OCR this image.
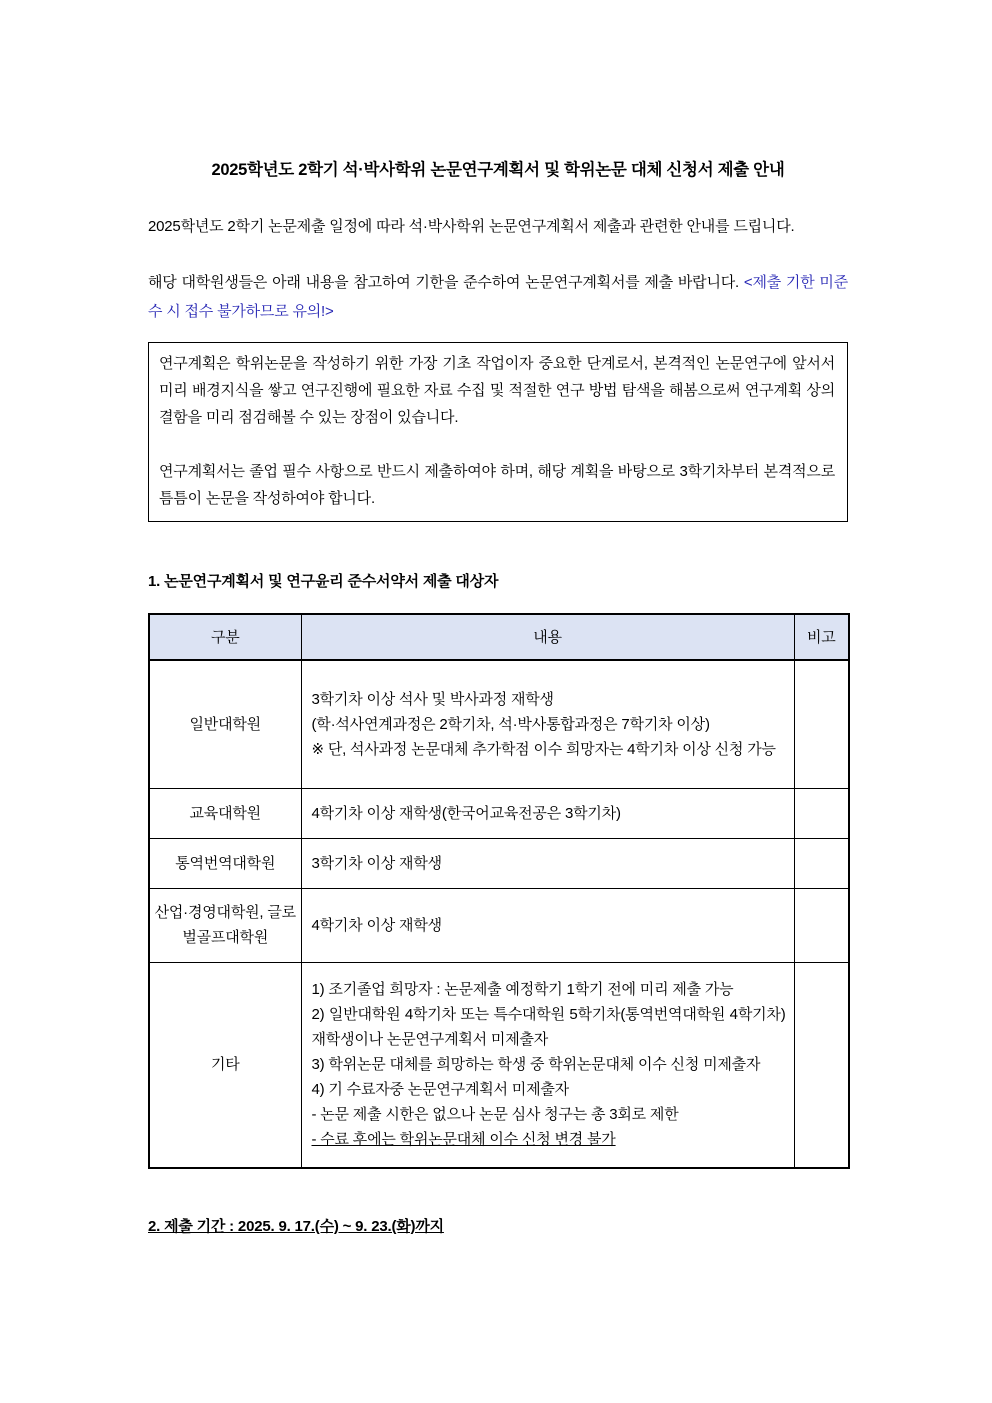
2025학년도 2학기 석·박사학위 논문연구계획서 및 학위논문 대체 신청서 제출 안내

2025학년도 2학기 논문제출 일정에 따라 석·박사학위 논문연구계획서 제출과 관련한 안내를 드립니다.

해당 대학원생들은 아래 내용을 참고하여 기한을 준수하여 논문연구계획서를 제출 바랍니다. <제출 기한 미준수 시 접수 불가하므로 유의!>

연구계획은 학위논문을 작성하기 위한 가장 기초 작업이자 중요한 단계로서, 본격적인 논문연구에 앞서서 미리 배경지식을 쌓고 연구진행에 필요한 자료 수집 및 적절한 연구 방법 탐색을 해봄으로써 연구계획 상의 결함을 미리 점검해볼 수 있는 장점이 있습니다.
연구계획서는 졸업 필수 사항으로 반드시 제출하여야 하며, 해당 계획을 바탕으로 3학기차부터 본격적으로 틈틈이 논문을 작성하여야 합니다.
1. 논문연구계획서 및 연구윤리 준수서약서 제출 대상자
구분	내용	비고
일반대학원	3학기차 이상 석사 및 박사과정 재학생
(학·석사연계과정은 2학기차, 석·박사통합과정은 7학기차 이상)
※ 단, 석사과정 논문대체 추가학점 이수 희망자는 4학기차 이상 신청 가능	

교육대학원	4학기차 이상 재학생(한국어교육전공은 3학기차)	

통역번역대학원	3학기차 이상 재학생	

산업·경영대학원, 글로벌골프대학원	4학기차 이상 재학생	

기타	
1) 조기졸업 희망자 : 논문제출 예정학기 1학기 전에 미리 제출 가능
2) 일반대학원 4학기차 또는 특수대학원 5학기차(통역번역대학원 4학기차) 재학생이나 논문연구계획서 미제출자
3) 학위논문 대체를 희망하는 학생 중 학위논문대체 이수 신청 미제출자
4) 기 수료자중 논문연구계획서 미제출자
- 논문 제출 시한은 없으나 논문 심사 청구는 총 3회로 제한
- 수료 후에는 학위논문대체 이수 신청 변경 불가

2. 제출 기간 : 2025. 9. 17.(수) ~ 9. 23.(화)까지
